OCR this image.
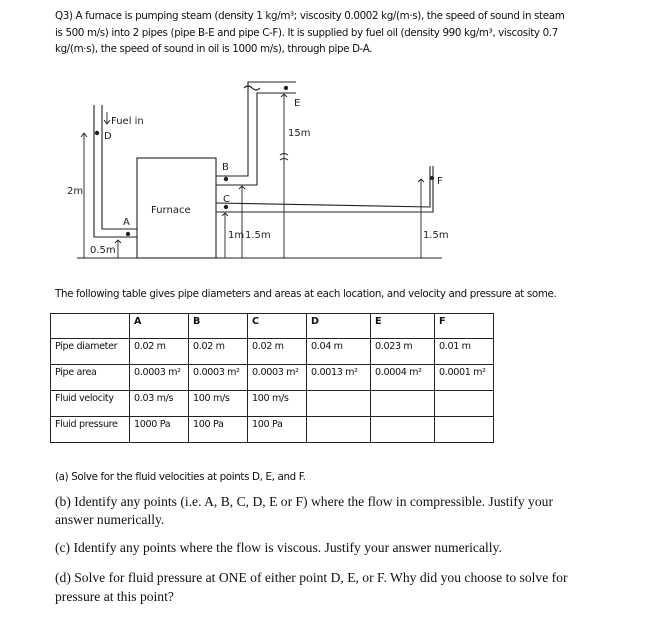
Q3) A furnace is pumping steam (density 1 kg/m³; viscosity 0.0002 kg/(m·s), the speed of sound in steam
is 500 m/s) into 2 pipes (pipe B-E and pipe C-F). It is supplied by fuel oil (density 990 kg/m³, viscosity 0.7
kg/(m·s), the speed of sound in oil is 1000 m/s), through pipe D-A.
Fuel in
Furnace
D
A
B
C
E
F
2m
0.5m
1m 1.5m
15m
1.5m
The following table gives pipe diameters and areas at each location, and velocity and pressure at some.
	A	B	C	D	E	F
Pipe diameter	0.02 m	0.02 m	0.02 m	0.04 m	0.023 m	0.01 m
Pipe area	0.0003 m²	0.0003 m²	0.0003 m²	0.0013 m²	0.0004 m²	0.0001 m²
Fluid velocity	0.03 m/s	100 m/s	100 m/s			
Fluid pressure	1000 Pa	100 Pa	100 Pa			
(a) Solve for the fluid velocities at points D, E, and F.
(b) Identify any points (i.e. A, B, C, D, E or F) where the flow in compressible. Justify your
answer numerically.
(c) Identify any points where the flow is viscous. Justify your answer numerically.
(d) Solve for fluid pressure at ONE of either point D, E, or F. Why did you choose to solve for
pressure at this point?
